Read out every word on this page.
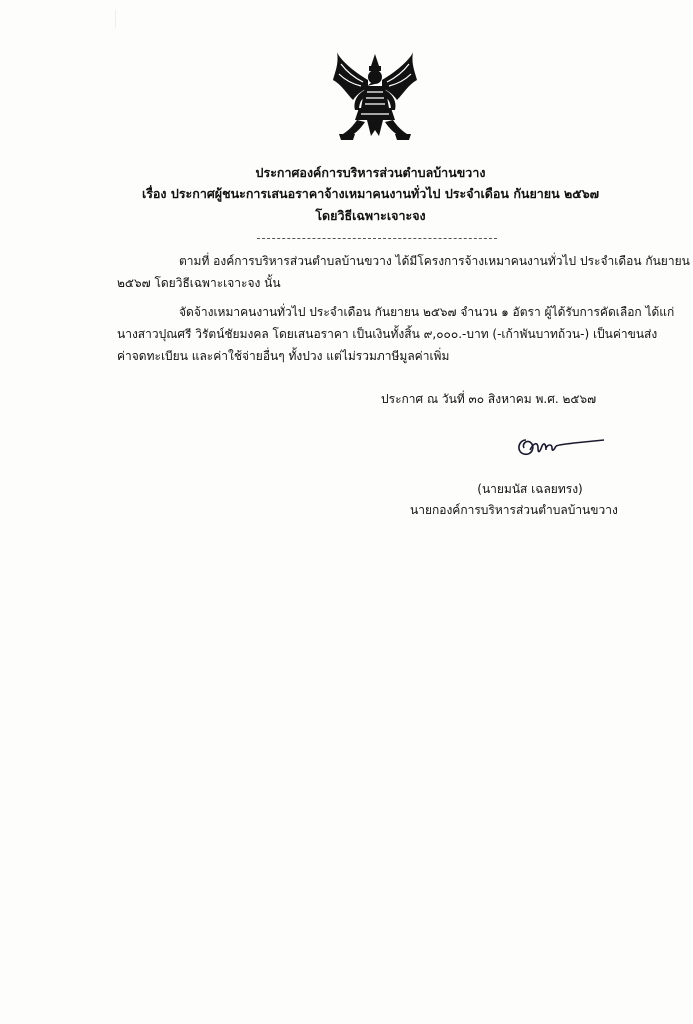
ประกาศองค์การบริหารส่วนตำบลบ้านขวาง
เรื่อง ประกาศผู้ชนะการเสนอราคาจ้างเหมาคนงานทั่วไป ประจำเดือน กันยายน ๒๕๖๗
โดยวิธีเฉพาะเจาะจง
ตามที่ องค์การบริหารส่วนตำบลบ้านขวาง ได้มีโครงการจ้างเหมาคนงานทั่วไป ประจำเดือน กันยายน
๒๕๖๗ โดยวิธีเฉพาะเจาะจง นั้น
จัดจ้างเหมาคนงานทั่วไป ประจำเดือน กันยายน ๒๕๖๗ จำนวน ๑ อัตรา ผู้ได้รับการคัดเลือก ได้แก่
นางสาวปุณศรี วิรัตน์ชัยมงคล โดยเสนอราคา เป็นเงินทั้งสิ้น ๙,๐๐๐.-บาท (-เก้าพันบาทถ้วน-) เป็นค่าขนส่ง
ค่าจดทะเบียน และค่าใช้จ่ายอื่นๆ ทั้งปวง แต่ไม่รวมภาษีมูลค่าเพิ่ม
ประกาศ ณ วันที่ ๓๐ สิงหาคม พ.ศ. ๒๕๖๗
(นายมนัส เฉลยทรง)
นายกองค์การบริหารส่วนตำบลบ้านขวาง
